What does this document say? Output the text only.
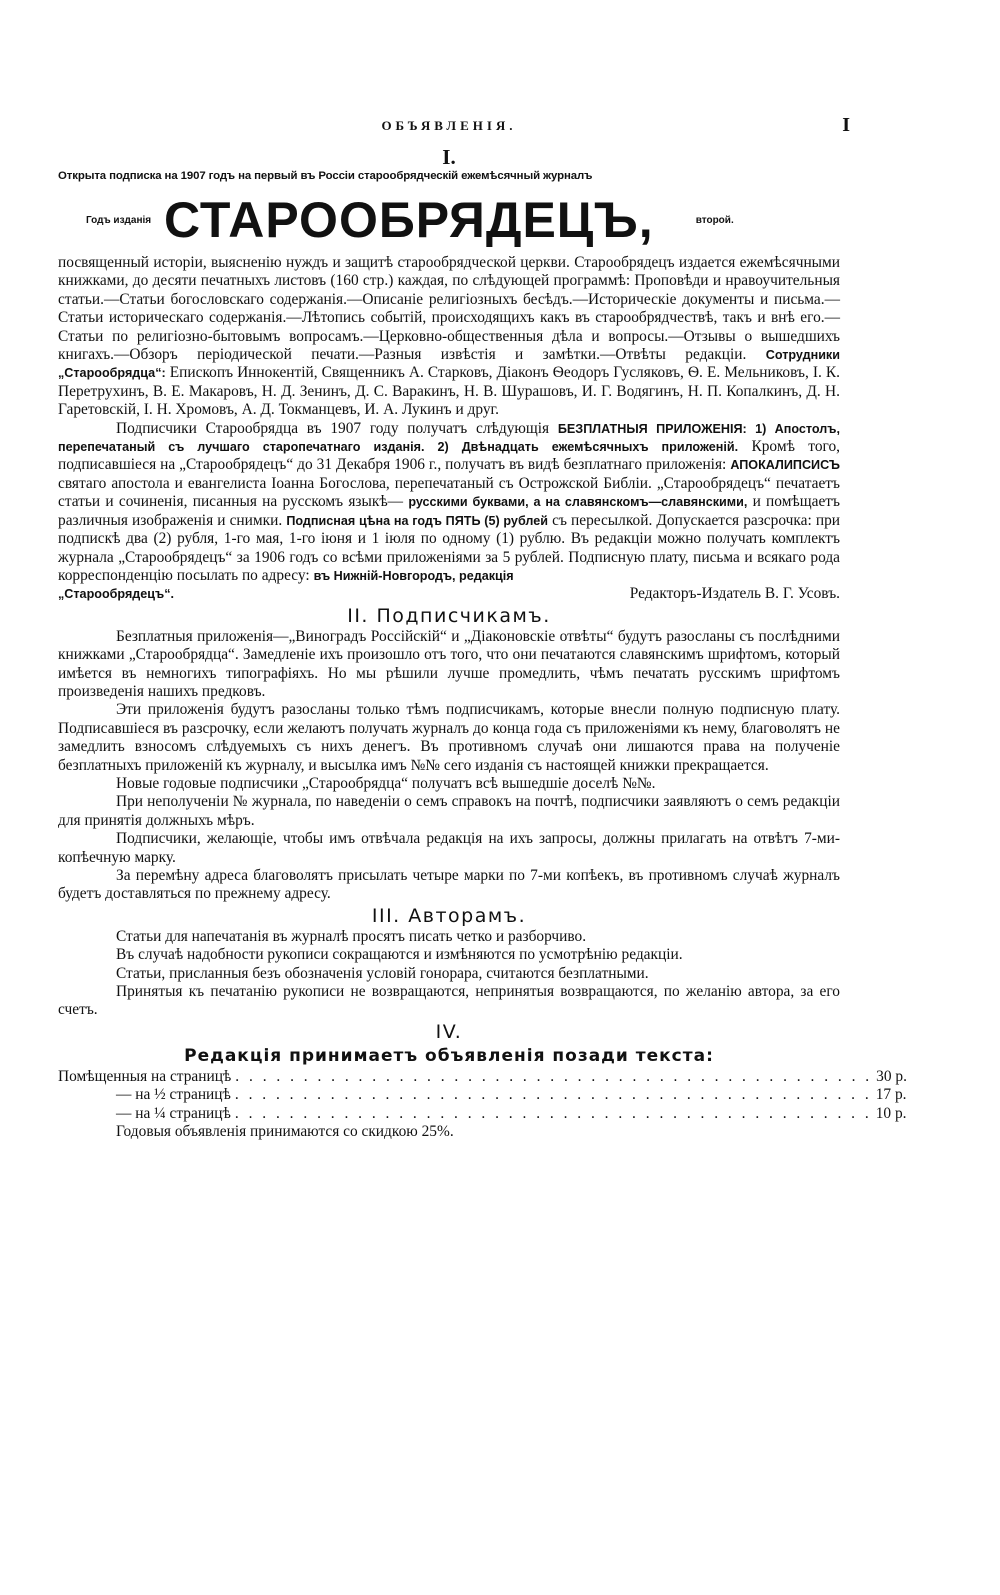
ОБЪЯВЛЕНІЯ.	I
I.
Открыта подписка на 1907 годъ на первый въ Россіи старообрядческій ежемѣсячный журналъ
Годъ изданія СТАРООБРЯДЕЦЪ,	второй.

посвященный исторіи, выясненію нуждъ и защитѣ старообрядческой церкви. Старообрядецъ издается ежемѣсячными книжками, до десяти печатныхъ листовъ (160 стр.) каждая, по слѣдующей программѣ: Проповѣди и нравоучительныя статьи.—Статьи богословскаго содержанія.—Описаніе религіозныхъ бесѣдъ.—Историческіе документы и письма.—Статьи историческаго содержанія.—Лѣтопись событій, происходящихъ какъ въ старообрядчествѣ, такъ и внѣ его.—Статьи по религіозно-бытовымъ вопросамъ.—Церковно-общественныя дѣла и вопросы.—Отзывы о вышедшихъ книгахъ.—Обзоръ періодической печати.—Разныя извѣстія и замѣтки.—Отвѣты редакціи. Сотрудники „Старообрядца“: Епископъ Иннокентій, Священникъ А. Старковъ, Діаконъ Ѳеодоръ Гусляковъ, Ѳ. Е. Мельниковъ, І. К. Перетрухинъ, В. Е. Макаровъ, Н. Д. Зенинъ, Д. С. Варакинъ, Н. В. Шурашовъ, И. Г. Водягинъ, Н. П. Копалкинъ, Д. Н. Гаретовскій, І. Н. Хромовъ, А. Д. Токманцевъ, И. А. Лукинъ и друг.

Подписчики Старообрядца въ 1907 году получатъ слѣдующія БЕЗПЛАТНЫЯ ПРИЛОЖЕНІЯ: 1) Апостолъ, перепечатаный съ лучшаго старопечатнаго изданія. 2) Двѣнадцать ежемѣсячныхъ приложеній. Кромѣ того, подписавшіеся на „Старообрядецъ“ до 31 Декабря 1906 г., получатъ въ видѣ безплатнаго приложенія: АПОКАЛИПСИСЪ святаго апостола и евангелиста Іоанна Богослова, перепечатаный съ Острожской Библіи. „Старообрядецъ“ печатаетъ статьи и сочиненія, писанныя на русскомъ языкѣ— русскими буквами, а на славянскомъ—славянскими, и помѣщаетъ различныя изображенія и снимки. Подписная цѣна на годъ ПЯТЬ (5) рублей съ пересылкой. Допускается разсрочка: при подпискѣ два (2) рубля, 1-го мая, 1-го іюня и 1 іюля по одному (1) рублю. Въ редакціи можно получать комплектъ журнала „Старообрядецъ“ за 1906 годъ со всѣми приложеніями за 5 рублей. Подписную плату, письма и всякаго рода корреспонденцію посылать по адресу: въ Нижній-Новгородъ, редакція

„Старообрядецъ“.	Редакторъ-Издатель В. Г. Усовъ.
II. Подписчикамъ.

Безплатныя приложенія—„Виноградъ Россійскій“ и „Діаконовскіе отвѣты“ будутъ разосланы съ послѣдними книжками „Старообрядца“. Замедленіе ихъ произошло отъ того, что они печатаются славянскимъ шрифтомъ, который имѣется въ немногихъ типографіяхъ. Но мы рѣшили лучше промедлить, чѣмъ печатать русскимъ шрифтомъ произведенія нашихъ предковъ.

Эти приложенія будутъ разосланы только тѣмъ подписчикамъ, которые внесли полную подписную плату. Подписавшіеся въ разсрочку, если желаютъ получать журналъ до конца года съ приложеніями къ нему, благоволятъ не замедлить взносомъ слѣдуемыхъ съ нихъ денегъ. Въ противномъ случаѣ они лишаются права на полученіе безплатныхъ приложеній къ журналу, и высылка имъ №№ сего изданія съ настоящей книжки прекращается.

Новые годовые подписчики „Старообрядца“ получатъ всѣ вышедшіе доселѣ №№.

При неполученіи № журнала, по наведеніи о семъ справокъ на почтѣ, подписчики заявляютъ о семъ редакціи для принятія должныхъ мѣръ.

Подписчики, желающіе, чтобы имъ отвѣчала редакція на ихъ запросы, должны прилагать на отвѣтъ 7-ми-копѣечную марку.

За перемѣну адреса благоволятъ присылать четыре марки по 7-ми копѣекъ, въ противномъ случаѣ журналъ будетъ доставляться по прежнему адресу.

III. Авторамъ.

Статьи для напечатанія въ журналѣ просятъ писать четко и разборчиво.

Въ случаѣ надобности рукописи сокращаются и измѣняются по усмотрѣнію редакціи.

Статьи, присланныя безъ обозначенія условій гонорара, считаются безплатными.

Принятыя къ печатанію рукописи не возвращаются, непринятыя возвращаются, по желанію автора, за его счетъ.

IV.
Редакція принимаетъ объявленія позади текста:
Помѣщенныя на страницѣ . . . . . . . . . . . . . . . . . . . . . . . . . . . . . . . . . . . . . . . . . . . . . . . 30 р.
— на ½ страницѣ . . . . . . . . . . . . . . . . . . . . . . . . . . . . . . . . . . . . . . . . . . . . . . . 17 р.
— на ¼ страницѣ . . . . . . . . . . . . . . . . . . . . . . . . . . . . . . . . . . . . . . . . . . . . . . . 10 р.

Годовыя объявленія принимаются со скидкою 25%.
